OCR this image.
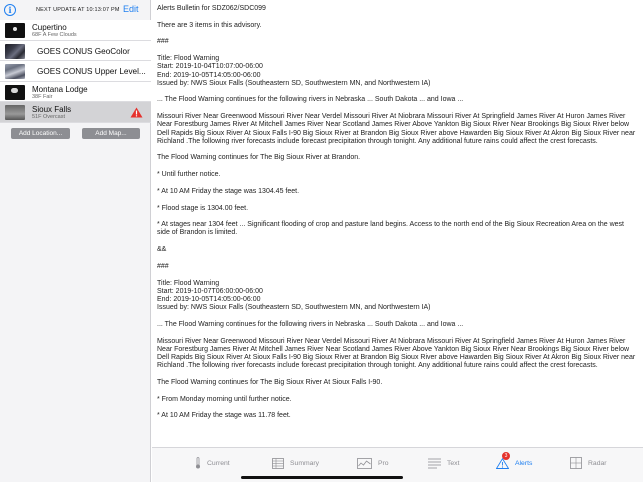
i	NEXT UPDATE AT 10:13:07 PM Edit
Cupertino
68F A Few Clouds
GOES CONUS GeoColor
GOES CONUS Upper Level...
Montana Lodge
38F Fair
Sioux Falls
51F Overcast
Add Location...	Add Map...

Alerts Bulletin for SDZ062/SDC099

There are 3 items in this advisory.

###

Title: Flood Warning
Start: 2019-10-04T10:07:00-06:00
End: 2019-10-05T14:05:00-06:00
Issued by: NWS Sioux Falls (Southeastern SD, Southwestern MN, and Northwestern IA)

... The Flood Warning continues for the following rivers in Nebraska ... South Dakota ... and Iowa ...

Missouri River Near Greenwood Missouri River Near Verdel Missouri River At Niobrara Missouri River At Springfield James River At Huron James River Near Forestburg James River At Mitchell James River Near Scotland James River Above Yankton Big Sioux River Near Brookings Big Sioux River below Dell Rapids Big Sioux River At Sioux Falls I-90 Big Sioux River at Brandon Big Sioux River above Hawarden Big Sioux River At Akron Big Sioux River near Richland .The following river forecasts include forecast precipitation through tonight. Any additional future rains could affect the crest forecasts.

The Flood Warning continues for The Big Sioux River at Brandon.

* Until further notice.

* At 10 AM Friday the stage was 1304.45 feet.

* Flood stage is 1304.00 feet.

* At stages near 1304 feet ... Significant flooding of crop and pasture land begins. Access to the north end of the Big Sioux Recreation Area on the west side of Brandon is limited.

&&

###

Title: Flood Warning
Start: 2019-10-07T06:00:00-06:00
End: 2019-10-05T14:05:00-06:00
Issued by: NWS Sioux Falls (Southeastern SD, Southwestern MN, and Northwestern IA)

... The Flood Warning continues for the following rivers in Nebraska ... South Dakota ... and Iowa ...

Missouri River Near Greenwood Missouri River Near Verdel Missouri River At Niobrara Missouri River At Springfield James River At Huron James River Near Forestburg James River At Mitchell James River Near Scotland James River Above Yankton Big Sioux River Near Brookings Big Sioux River below Dell Rapids Big Sioux River At Sioux Falls I-90 Big Sioux River at Brandon Big Sioux River above Hawarden Big Sioux River At Akron Big Sioux River near Richland .The following river forecasts include forecast precipitation through tonight. Any additional future rains could affect the crest forecasts.

The Flood Warning continues for The Big Sioux River At Sioux Falls I-90.

* From Monday morning until further notice.

* At 10 AM Friday the stage was 11.78 feet.

Current	Summary	Pro	Text
3
Alerts	Radar
